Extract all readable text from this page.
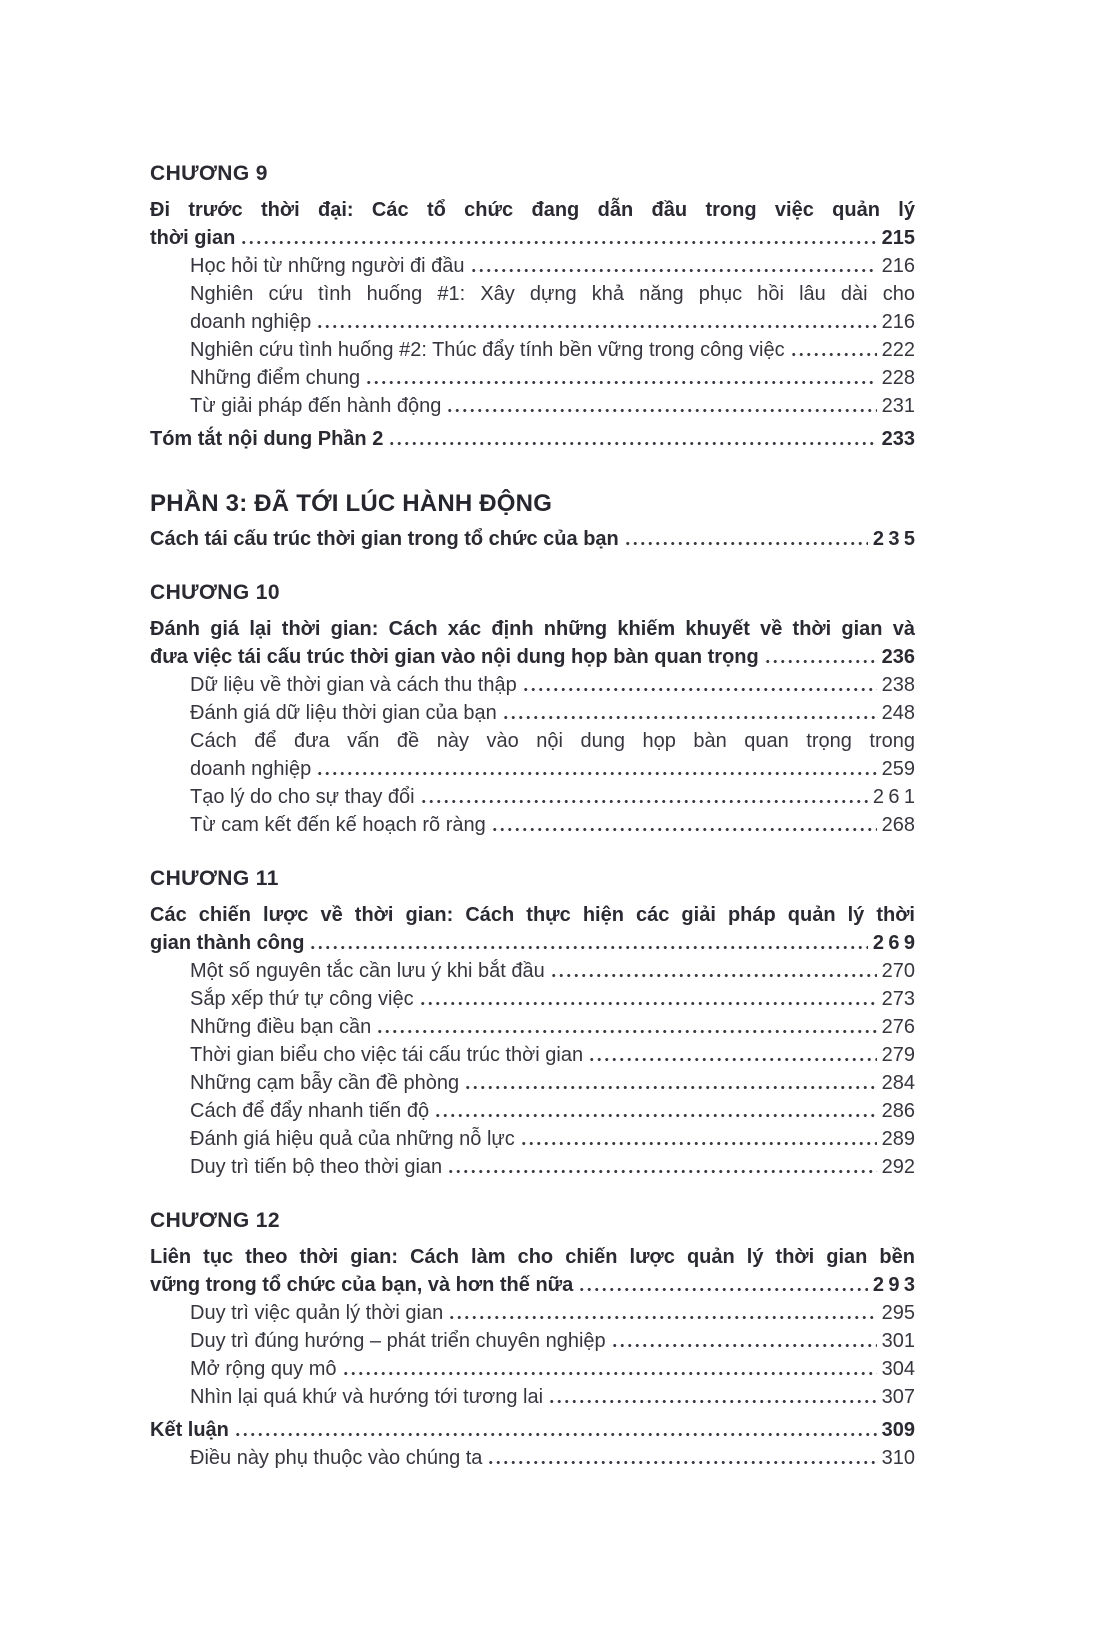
CHƯƠNG 9
Đi trước thời đại: Các tổ chức đang dẫn đầu trong việc quản lý
thời gian	215
Học hỏi từ những người đi đầu	216
Nghiên cứu tình huống #1: Xây dựng khả năng phục hồi lâu dài cho
doanh nghiệp	216
Nghiên cứu tình huống #2: Thúc đẩy tính bền vững trong công việc	222
Những điểm chung	228
Từ giải pháp đến hành động	231
Tóm tắt nội dung Phần 2	233
PHẦN 3: ĐÃ TỚI LÚC HÀNH ĐỘNG
Cách tái cấu trúc thời gian trong tổ chức của bạn	235
CHƯƠNG 10
Đánh giá lại thời gian: Cách xác định những khiếm khuyết về thời gian và
đưa việc tái cấu trúc thời gian vào nội dung họp bàn quan trọng	236
Dữ liệu về thời gian và cách thu thập	238
Đánh giá dữ liệu thời gian của bạn	248
Cách để đưa vấn đề này vào nội dung họp bàn quan trọng trong
doanh nghiệp	259
Tạo lý do cho sự thay đổi	261
Từ cam kết đến kế hoạch rõ ràng	268
CHƯƠNG 11
Các chiến lược về thời gian: Cách thực hiện các giải pháp quản lý thời
gian thành công	269
Một số nguyên tắc cần lưu ý khi bắt đầu	270
Sắp xếp thứ tự công việc	273
Những điều bạn cần	276
Thời gian biểu cho việc tái cấu trúc thời gian	279
Những cạm bẫy cần đề phòng	284
Cách để đẩy nhanh tiến độ	286
Đánh giá hiệu quả của những nỗ lực	289
Duy trì tiến bộ theo thời gian	292
CHƯƠNG 12
Liên tục theo thời gian: Cách làm cho chiến lược quản lý thời gian bền
vững trong tổ chức của bạn, và hơn thế nữa	293
Duy trì việc quản lý thời gian	295
Duy trì đúng hướng – phát triển chuyên nghiệp	301
Mở rộng quy mô	304
Nhìn lại quá khứ và hướng tới tương lai	307
Kết luận	309
Điều này phụ thuộc vào chúng ta	310
